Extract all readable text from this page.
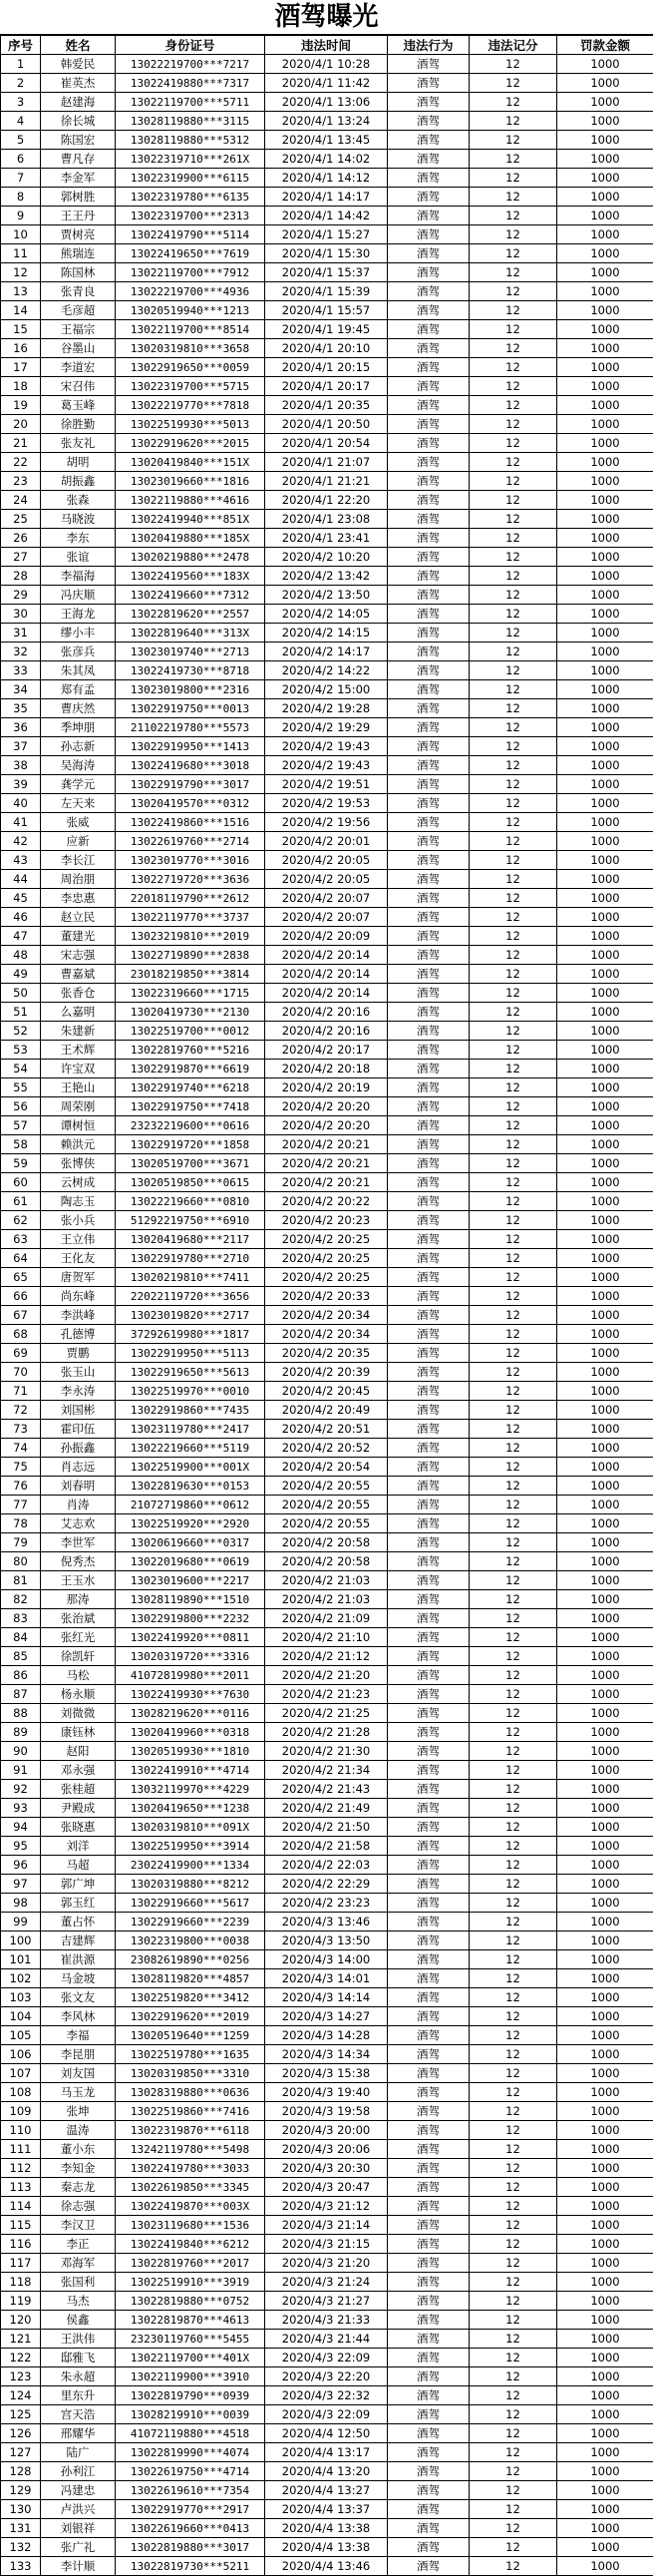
酒驾曝光
序号	姓名	身份证号	违法时间	违法行为	违法记分	罚款金额
1	韩爱民	13022219700***7217	2020/4/1 10:28	酒驾	12	1000
2	崔英杰	13022419880***7317	2020/4/1 11:42	酒驾	12	1000
3	赵建海	13022119700***5711	2020/4/1 13:06	酒驾	12	1000
4	徐长城	13028119880***3115	2020/4/1 13:24	酒驾	12	1000
5	陈国宏	13028119880***5312	2020/4/1 13:45	酒驾	12	1000
6	曹凡存	13022319710***261X	2020/4/1 14:02	酒驾	12	1000
7	李金军	13022319900***6115	2020/4/1 14:12	酒驾	12	1000
8	郭树胜	13022319780***6135	2020/4/1 14:17	酒驾	12	1000
9	王王丹	13022319700***2313	2020/4/1 14:42	酒驾	12	1000
10	贾树亮	13022419790***5114	2020/4/1 15:27	酒驾	12	1000
11	熊瑞连	13022419650***7619	2020/4/1 15:30	酒驾	12	1000
12	陈国林	13022119700***7912	2020/4/1 15:37	酒驾	12	1000
13	张青良	13022219700***4936	2020/4/1 15:39	酒驾	12	1000
14	毛彦超	13020519940***1213	2020/4/1 15:57	酒驾	12	1000
15	王福宗	13022119700***8514	2020/4/1 19:45	酒驾	12	1000
16	谷墨山	13020319810***3658	2020/4/1 20:10	酒驾	12	1000
17	李道宏	13022919650***0059	2020/4/1 20:15	酒驾	12	1000
18	宋召伟	13022319700***5715	2020/4/1 20:17	酒驾	12	1000
19	葛玉峰	13022219770***7818	2020/4/1 20:35	酒驾	12	1000
20	徐胜勤	13022519930***5013	2020/4/1 20:50	酒驾	12	1000
21	张友礼	13022919620***2015	2020/4/1 20:54	酒驾	12	1000
22	胡明	13020419840***151X	2020/4/1 21:07	酒驾	12	1000
23	胡振鑫	13023019660***1816	2020/4/1 21:21	酒驾	12	1000
24	张森	13022119880***4616	2020/4/1 22:20	酒驾	12	1000
25	马晓波	13022419940***851X	2020/4/1 23:08	酒驾	12	1000
26	李东	13020419880***185X	2020/4/1 23:41	酒驾	12	1000
27	张谊	13020219880***2478	2020/4/2 10:20	酒驾	12	1000
28	李福海	13022419560***183X	2020/4/2 13:42	酒驾	12	1000
29	冯庆顺	13022419660***7312	2020/4/2 13:50	酒驾	12	1000
30	王海龙	13022819620***2557	2020/4/2 14:05	酒驾	12	1000
31	缪小丰	13022819640***313X	2020/4/2 14:15	酒驾	12	1000
32	张彦兵	13023019740***2713	2020/4/2 14:17	酒驾	12	1000
33	朱其凤	13022419730***8718	2020/4/2 14:22	酒驾	12	1000
34	郑有孟	13023019800***2316	2020/4/2 15:00	酒驾	12	1000
35	曹庆然	13022919750***0013	2020/4/2 19:28	酒驾	12	1000
36	季坤朋	21102219780***5573	2020/4/2 19:29	酒驾	12	1000
37	孙志新	13022919950***1413	2020/4/2 19:43	酒驾	12	1000
38	吴海涛	13022419680***3018	2020/4/2 19:43	酒驾	12	1000
39	龚学元	13022919790***3017	2020/4/2 19:51	酒驾	12	1000
40	左天来	13020419570***0312	2020/4/2 19:53	酒驾	12	1000
41	张威	13022419860***1516	2020/4/2 19:56	酒驾	12	1000
42	应新	13022619760***2714	2020/4/2 20:01	酒驾	12	1000
43	李长江	13023019770***3016	2020/4/2 20:05	酒驾	12	1000
44	周治朋	13022719720***3636	2020/4/2 20:05	酒驾	12	1000
45	李忠惠	22018119790***2612	2020/4/2 20:07	酒驾	12	1000
46	赵立民	13022119770***3737	2020/4/2 20:07	酒驾	12	1000
47	董建光	13023219810***2019	2020/4/2 20:09	酒驾	12	1000
48	宋志强	13022719890***2838	2020/4/2 20:14	酒驾	12	1000
49	曹嘉斌	23018219850***3814	2020/4/2 20:14	酒驾	12	1000
50	张香仓	13022319660***1715	2020/4/2 20:14	酒驾	12	1000
51	么嘉明	13020419730***2130	2020/4/2 20:16	酒驾	12	1000
52	朱建新	13022519700***0012	2020/4/2 20:16	酒驾	12	1000
53	王术辉	13022819760***5216	2020/4/2 20:17	酒驾	12	1000
54	许宝双	13022919870***6619	2020/4/2 20:18	酒驾	12	1000
55	王艳山	13022919740***6218	2020/4/2 20:19	酒驾	12	1000
56	周荣刚	13022919750***7418	2020/4/2 20:20	酒驾	12	1000
57	谭树恒	23232219600***0616	2020/4/2 20:20	酒驾	12	1000
58	赖洪元	13022919720***1858	2020/4/2 20:21	酒驾	12	1000
59	张博侠	13020519700***3671	2020/4/2 20:21	酒驾	12	1000
60	云树成	13020519850***0615	2020/4/2 20:21	酒驾	12	1000
61	陶志玉	13022219660***0810	2020/4/2 20:22	酒驾	12	1000
62	张小兵	51292219750***6910	2020/4/2 20:23	酒驾	12	1000
63	王立伟	13020419680***2117	2020/4/2 20:25	酒驾	12	1000
64	王化友	13022919780***2710	2020/4/2 20:25	酒驾	12	1000
65	唐贺军	13020219810***7411	2020/4/2 20:25	酒驾	12	1000
66	尚东峰	22022119720***3656	2020/4/2 20:33	酒驾	12	1000
67	李洪峰	13023019820***2717	2020/4/2 20:34	酒驾	12	1000
68	孔德博	37292619980***1817	2020/4/2 20:34	酒驾	12	1000
69	贾鹏	13022919950***5113	2020/4/2 20:35	酒驾	12	1000
70	张玉山	13022919650***5613	2020/4/2 20:39	酒驾	12	1000
71	李永涛	13022519970***0010	2020/4/2 20:45	酒驾	12	1000
72	刘国彬	13022919860***7435	2020/4/2 20:49	酒驾	12	1000
73	霍印伍	13023119780***2417	2020/4/2 20:51	酒驾	12	1000
74	孙振鑫	13022219660***5119	2020/4/2 20:52	酒驾	12	1000
75	肖志远	13022519900***001X	2020/4/2 20:54	酒驾	12	1000
76	刘春明	13022819630***0153	2020/4/2 20:55	酒驾	12	1000
77	肖涛	21072719860***0612	2020/4/2 20:55	酒驾	12	1000
78	艾志欢	13022519920***2920	2020/4/2 20:55	酒驾	12	1000
79	李世军	13020619660***0317	2020/4/2 20:58	酒驾	12	1000
80	倪秀杰	13022019680***0619	2020/4/2 20:58	酒驾	12	1000
81	王玉水	13023019600***2217	2020/4/2 21:03	酒驾	12	1000
82	那涛	13028119890***1510	2020/4/2 21:03	酒驾	12	1000
83	张治斌	13022919800***2232	2020/4/2 21:09	酒驾	12	1000
84	张红光	13022419920***0811	2020/4/2 21:10	酒驾	12	1000
85	徐凯轩	13020319720***3316	2020/4/2 21:12	酒驾	12	1000
86	马松	41072819980***2011	2020/4/2 21:20	酒驾	12	1000
87	杨永顺	13022419930***7630	2020/4/2 21:23	酒驾	12	1000
88	刘微微	13028219620***0116	2020/4/2 21:25	酒驾	12	1000
89	康钰林	13020419960***0318	2020/4/2 21:28	酒驾	12	1000
90	赵阳	13020519930***1810	2020/4/2 21:30	酒驾	12	1000
91	邓永强	13022419910***4714	2020/4/2 21:34	酒驾	12	1000
92	张桂超	13032119970***4229	2020/4/2 21:43	酒驾	12	1000
93	尹殿成	13020419650***1238	2020/4/2 21:49	酒驾	12	1000
94	张晓惠	13020319810***091X	2020/4/2 21:50	酒驾	12	1000
95	刘洋	13022519950***3914	2020/4/2 21:58	酒驾	12	1000
96	马超	23022419900***1334	2020/4/2 22:03	酒驾	12	1000
97	郭广坤	13020319880***8212	2020/4/2 22:29	酒驾	12	1000
98	郭玉红	13022919660***5617	2020/4/2 23:23	酒驾	12	1000
99	董占怀	13022919660***2239	2020/4/3 13:46	酒驾	12	1000
100	吉建辉	13022319800***0038	2020/4/3 13:50	酒驾	12	1000
101	崔洪源	23082619890***0256	2020/4/3 14:00	酒驾	12	1000
102	马金坡	13028119820***4857	2020/4/3 14:01	酒驾	12	1000
103	张文友	13022519820***3412	2020/4/3 14:14	酒驾	12	1000
104	李风林	13022919620***2019	2020/4/3 14:27	酒驾	12	1000
105	李福	13020519640***1259	2020/4/3 14:28	酒驾	12	1000
106	李昆朋	13022519780***1635	2020/4/3 14:34	酒驾	12	1000
107	刘友国	13020319850***3310	2020/4/3 15:38	酒驾	12	1000
108	马玉龙	13028319880***0636	2020/4/3 19:40	酒驾	12	1000
109	张坤	13022519860***7416	2020/4/3 19:58	酒驾	12	1000
110	温涛	13022319870***6118	2020/4/3 20:00	酒驾	12	1000
111	董小东	13242119780***5498	2020/4/3 20:06	酒驾	12	1000
112	李知金	13022419780***3033	2020/4/3 20:30	酒驾	12	1000
113	秦志龙	13022619850***3345	2020/4/3 20:47	酒驾	12	1000
114	徐志强	13022419870***003X	2020/4/3 21:12	酒驾	12	1000
115	李汉卫	13023119680***1536	2020/4/3 21:14	酒驾	12	1000
116	李正	13022419840***6212	2020/4/3 21:15	酒驾	12	1000
117	邓海军	13022819760***2017	2020/4/3 21:20	酒驾	12	1000
118	张国利	13022519910***3919	2020/4/3 21:24	酒驾	12	1000
119	马杰	13022819880***0752	2020/4/3 21:27	酒驾	12	1000
120	侯鑫	13022819870***4613	2020/4/3 21:33	酒驾	12	1000
121	王洪伟	23230119760***5455	2020/4/3 21:44	酒驾	12	1000
122	邸雅飞	13022119700***401X	2020/4/3 22:09	酒驾	12	1000
123	朱永超	13022119900***3910	2020/4/3 22:20	酒驾	12	1000
124	里东升	13022819790***0939	2020/4/3 22:32	酒驾	12	1000
125	宫天浩	13028219910***0039	2020/4/3 22:09	酒驾	12	1000
126	邢耀华	41072119880***4518	2020/4/4 12:50	酒驾	12	1000
127	陆广	13022819990***4074	2020/4/4 13:17	酒驾	12	1000
128	孙利江	13022619750***4714	2020/4/4 13:20	酒驾	12	1000
129	冯建忠	13022619610***7354	2020/4/4 13:27	酒驾	12	1000
130	卢洪兴	13022919770***2917	2020/4/4 13:37	酒驾	12	1000
131	刘银祥	13022619660***0413	2020/4/4 13:38	酒驾	12	1000
132	张广礼	13022819880***3017	2020/4/4 13:38	酒驾	12	1000
133	李计顺	13022819730***5211	2020/4/4 13:46	酒驾	12	1000
